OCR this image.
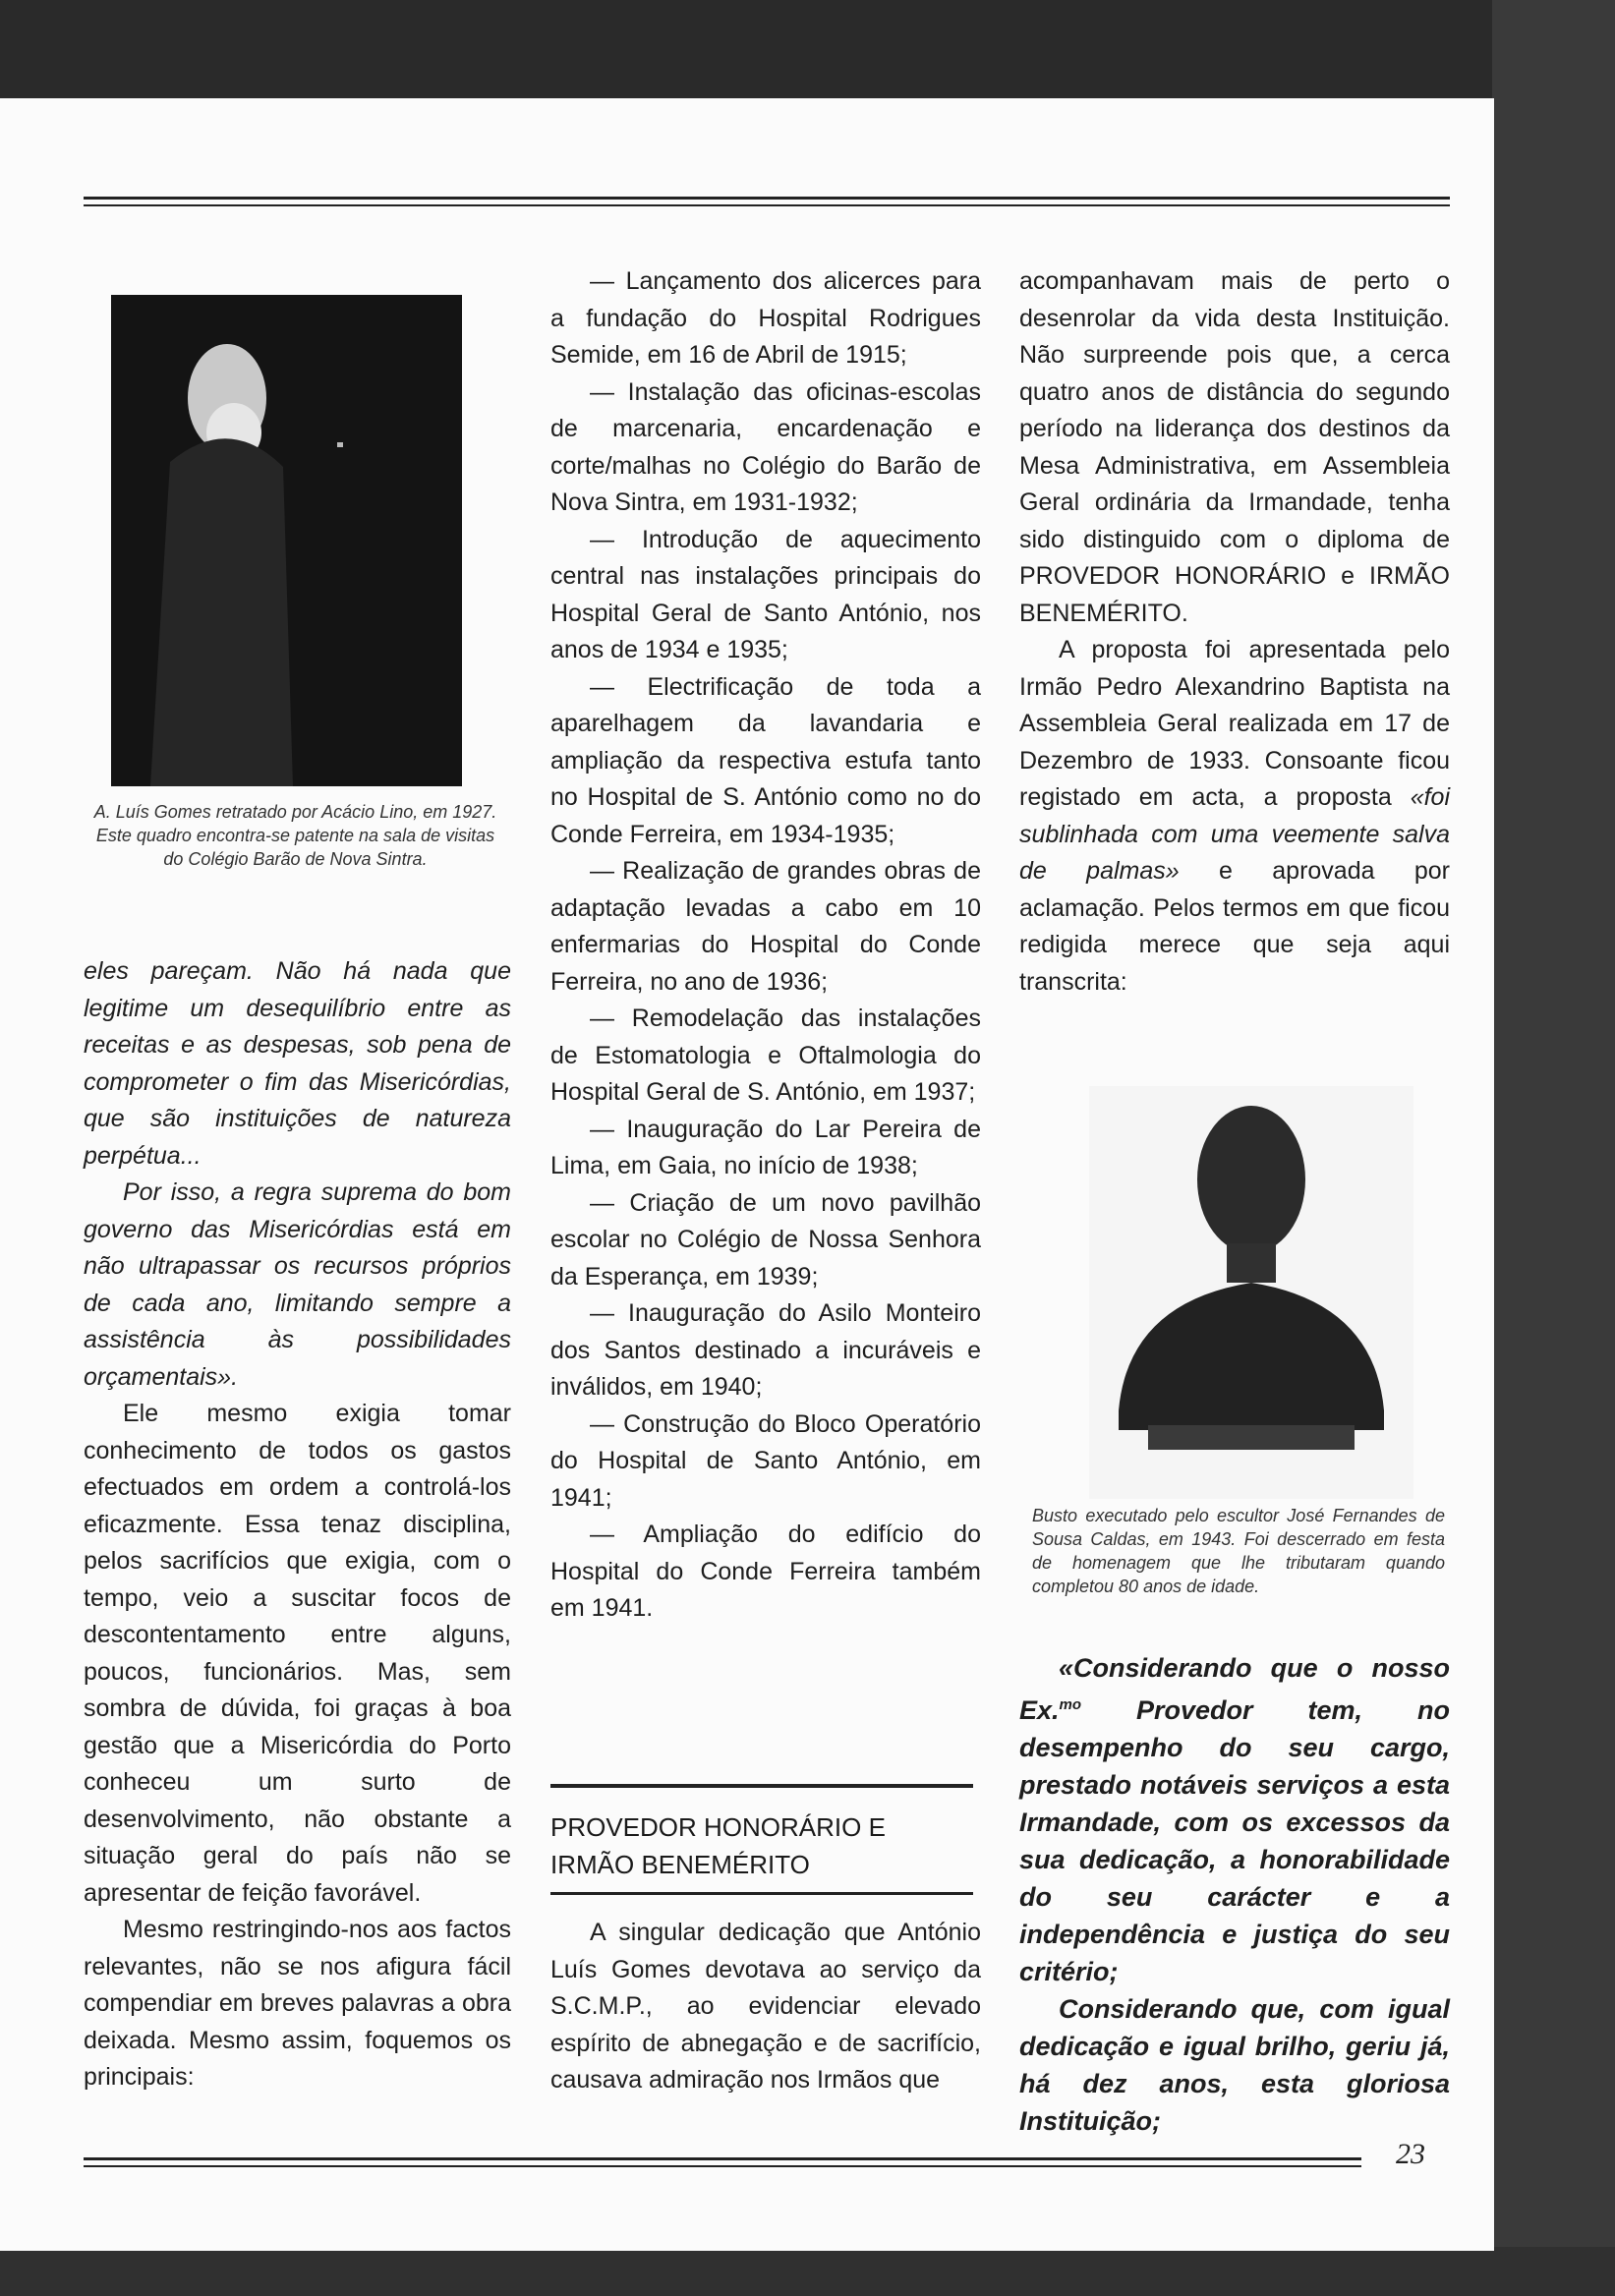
A. Luís Gomes retratado por Acácio Lino, em 1927. Este quadro encontra-se patente na sala de visitas do Colégio Barão de Nova Sintra.

eles pareçam. Não há nada que legitime um desequilíbrio entre as receitas e as despesas, sob pena de comprometer o fim das Misericórdias, que são instituições de natureza perpétua...

Por isso, a regra suprema do bom governo das Misericórdias está em não ultrapassar os recursos próprios de cada ano, limitando sempre a assistência às possibilidades orçamentais».

Ele mesmo exigia tomar conhecimento de todos os gastos efectuados em ordem a controlá-los eficazmente. Essa tenaz disciplina, pelos sacrifícios que exigia, com o tempo, veio a suscitar focos de descontentamento entre alguns, poucos, funcionários. Mas, sem sombra de dúvida, foi graças à boa gestão que a Misericórdia do Porto conheceu um surto de desenvolvimento, não obstante a situação geral do país não se apresentar de feição favorável.

Mesmo restringindo-nos aos factos relevantes, não se nos afigura fácil compendiar em breves palavras a obra deixada. Mesmo assim, foquemos os principais:

— Lançamento dos alicerces para a fundação do Hospital Rodrigues Semide, em 16 de Abril de 1915;

— Instalação das oficinas-escolas de marcenaria, encardenação e corte/malhas no Colégio do Barão de Nova Sintra, em 1931-1932;

— Introdução de aquecimento central nas instalações principais do Hospital Geral de Santo António, nos anos de 1934 e 1935;

— Electrificação de toda a aparelhagem da lavandaria e ampliação da respectiva estufa tanto no Hospital de S. António como no do Conde Ferreira, em 1934-1935;

— Realização de grandes obras de adaptação levadas a cabo em 10 enfermarias do Hospital do Conde Ferreira, no ano de 1936;

— Remodelação das instalações de Estomatologia e Oftalmologia do Hospital Geral de S. António, em 1937;

— Inauguração do Lar Pereira de Lima, em Gaia, no início de 1938;

— Criação de um novo pavilhão escolar no Colégio de Nossa Senhora da Esperança, em 1939;

— Inauguração do Asilo Monteiro dos Santos destinado a incuráveis e inválidos, em 1940;

— Construção do Bloco Operatório do Hospital de Santo António, em 1941;

— Ampliação do edifício do Hospital do Conde Ferreira também em 1941.

PROVEDOR HONORÁRIO E IRMÃO BENEMÉRITO

A singular dedicação que António Luís Gomes devotava ao serviço da S.C.M.P., ao evidenciar elevado espírito de abnegação e de sacrifício, causava admiração nos Irmãos que

acompanhavam mais de perto o desenrolar da vida desta Instituição. Não surpreende pois que, a cerca quatro anos de distância do segundo período na liderança dos destinos da Mesa Administrativa, em Assembleia Geral ordinária da Irmandade, tenha sido distinguido com o diploma de PROVEDOR HONORÁRIO e IRMÃO BENEMÉRITO.

A proposta foi apresentada pelo Irmão Pedro Alexandrino Baptista na Assembleia Geral realizada em 17 de Dezembro de 1933. Consoante ficou registado em acta, a proposta «foi sublinhada com uma veemente salva de palmas» e aprovada por aclamação. Pelos termos em que ficou redigida merece que seja aqui transcrita:

Busto executado pelo escultor José Fernandes de Sousa Caldas, em 1943. Foi descerrado em festa de homenagem que lhe tributaram quando completou 80 anos de idade.

«Considerando que o nosso Ex.$^{mo}$ Provedor tem, no desempenho do seu cargo, prestado notáveis serviços a esta Irmandade, com os excessos da sua dedicação, a honorabilidade do seu carácter e a independência e justiça do seu critério;

Considerando que, com igual dedicação e igual brilho, geriu já, há dez anos, esta gloriosa Instituição;

23
